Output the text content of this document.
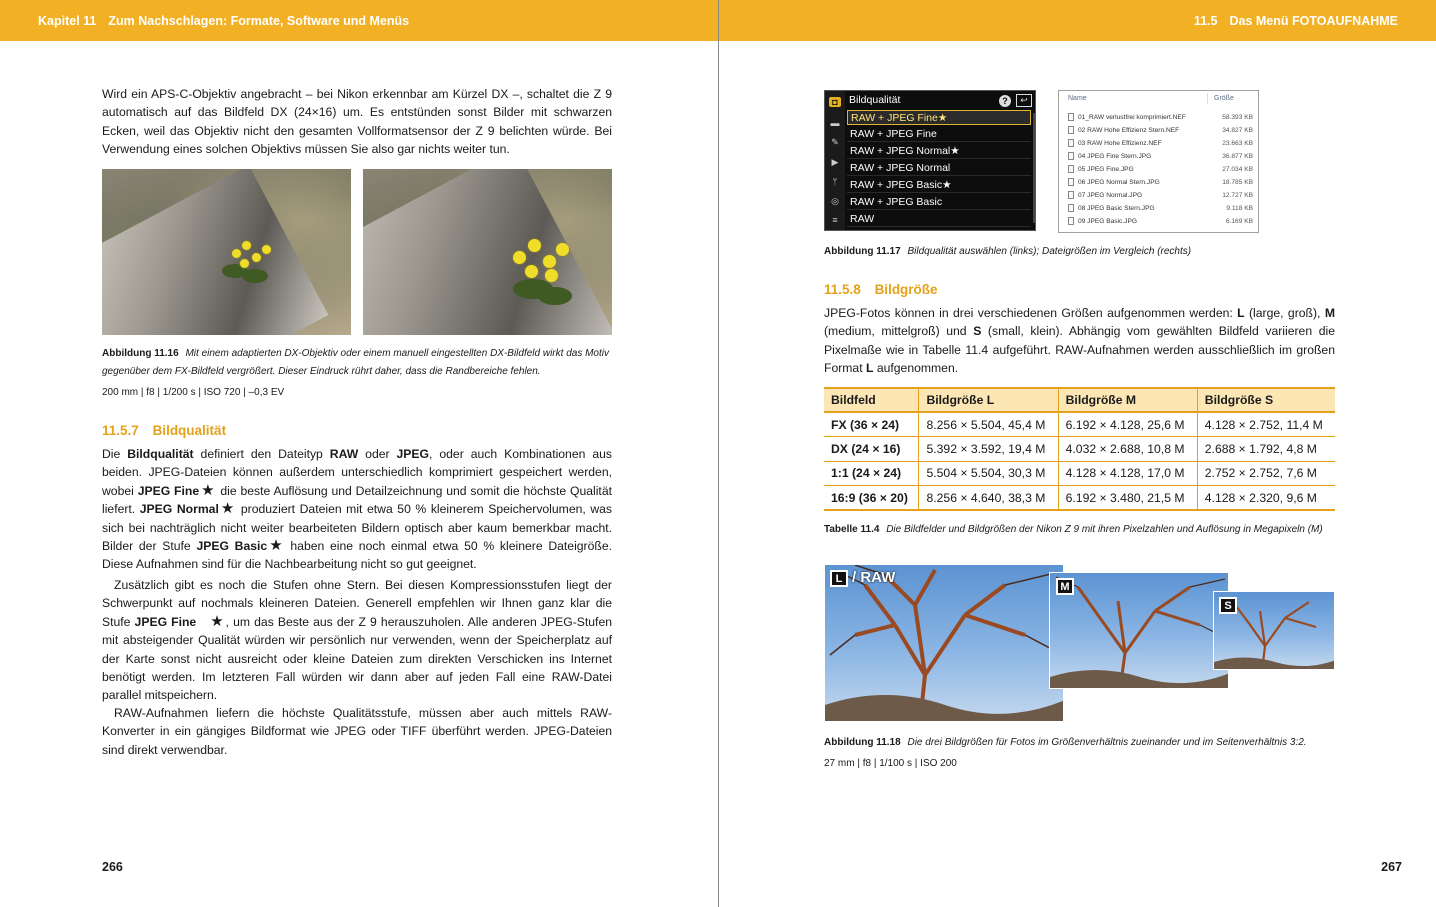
Kapitel 11 Zum Nachschlagen: Formate, Software und Menüs

Wird ein APS-C-Objektiv angebracht – bei Nikon erkennbar am Kürzel DX –, schaltet die Z 9 automatisch auf das Bildfeld DX (24×16) um. Es entstünden sonst Bilder mit schwarzen Ecken, weil das Objektiv nicht den gesamten Vollformatsensor der Z 9 belichten würde. Bei Verwendung eines solchen Objektivs müssen Sie also gar nichts weiter tun.

Abbildung 11.16 Mit einem adaptierten DX-Objektiv oder einem manuell eingestellten DX-Bildfeld wirkt das Motiv gegenüber dem FX-Bildfeld vergrößert. Dieser Eindruck rührt daher, dass die Randbereiche fehlen.

200 mm | f8 | 1/200 s | ISO 720 | –0,3 EV

11.5.7 Bildqualität

Die Bildqualität definiert den Dateityp RAW oder JPEG, oder auch Kombinationen aus beiden. JPEG-Dateien können außerdem unterschiedlich komprimiert gespeichert werden, wobei JPEG Fine ★ die beste Auflösung und Detailzeichnung und somit die höchste Qualität liefert. JPEG Normal ★ produziert Dateien mit etwa 50 % kleinerem Speichervolumen, was sich bei nachträglich nicht weiter bearbeiteten Bildern optisch aber kaum bemerkbar macht. Bilder der Stufe JPEG Basic ★ haben eine noch einmal etwa 50 % kleinere Dateigröße. Diese Aufnahmen sind für die Nachbearbeitung nicht so gut geeignet.

Zusätzlich gibt es noch die Stufen ohne Stern. Bei diesen Kompressionsstufen liegt der Schwerpunkt auf nochmals kleineren Dateien. Generell empfehlen wir Ihnen ganz klar die Stufe JPEG Fine ★ , um das Beste aus der Z 9 herauszuholen. Alle anderen JPEG-Stufen mit absteigender Qualität würden wir persönlich nur verwenden, wenn der Speicherplatz auf der Karte sonst nicht ausreicht oder kleine Dateien zum direkten Verschicken ins Internet benötigt werden. Im letzteren Fall würden wir dann aber auf jeden Fall eine RAW-Datei parallel mitspeichern.

RAW-Aufnahmen liefern die höchste Qualitätsstufe, müssen aber auch mittels RAW-Konverter in ein gängiges Bildformat wie JPEG oder TIFF überführt werden. JPEG-Dateien sind direkt verwendbar.

266
11.5 Das Menü FOTOAUFNAHME
267
◘
▬
✎
▶
ᛘ
◎
≡
Bildqualität	?	↩
RAW + JPEG Fine★
RAW + JPEG Fine
RAW + JPEG Normal★
RAW + JPEG Normal
RAW + JPEG Basic★
RAW + JPEG Basic
RAW
Name	Größe
01_RAW verlustfrei komprimiert.NEF	58.393 KB
02 RAW Hohe Effizienz Stern.NEF	34.827 KB
03 RAW Hohe Effizienz.NEF	23.663 KB
04 JPEG Fine Stern.JPG	36.877 KB
05 JPEG Fine.JPG	27.034 KB
06 JPEG Normal Stern.JPG	18.785 KB
07 JPEG Normal.JPG	12.727 KB
08 JPEG Basic Stern.JPG	9.118 KB
09 JPEG Basic.JPG	6.169 KB

Abbildung 11.17 Bildqualität auswählen (links); Dateigrößen im Vergleich (rechts)

11.5.8 Bildgröße

JPEG-Fotos können in drei verschiedenen Größen aufgenommen werden: L (large, groß), M (medium, mittelgroß) und S (small, klein). Abhängig vom gewählten Bildfeld variieren die Pixelmaße wie in Tabelle 11.4 aufgeführt. RAW-Aufnahmen werden ausschließlich im großen Format L aufgenommen.

Bildfeld	Bildgröße L	Bildgröße M	Bildgröße S
FX (36 × 24)	8.256 × 5.504, 45,4 M	6.192 × 4.128, 25,6 M	4.128 × 2.752, 11,4 M
DX (24 × 16)	5.392 × 3.592, 19,4 M	4.032 × 2.688, 10,8 M	2.688 × 1.792, 4,8 M
1:1 (24 × 24)	5.504 × 5.504, 30,3 M	4.128 × 4.128, 17,0 M	2.752 × 2.752, 7,6 M
16:9 (36 × 20)	8.256 × 4.640, 38,3 M	6.192 × 3.480, 21,5 M	4.128 × 2.320, 9,6 M

Tabelle 11.4 Die Bildfelder und Bildgrößen der Nikon Z 9 mit ihren Pixelzahlen und Auflösung in Megapixeln (M)

L / RAW
M
S

Abbildung 11.18 Die drei Bildgrößen für Fotos im Größenverhältnis zueinander und im Seitenverhältnis 3:2.

27 mm | f8 | 1/100 s | ISO 200
